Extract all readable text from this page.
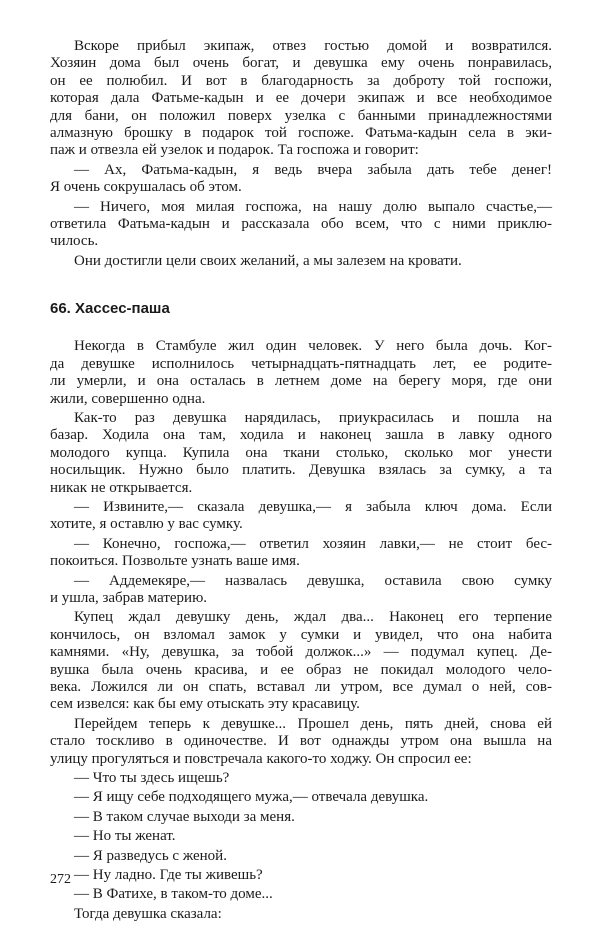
Вскоре прибыл экипаж, отвез гостью домой и возвратился.
Хозяин дома был очень богат, и девушка ему очень понравилась,
он ее полюбил. И вот в благодарность за доброту той госпожи,
которая дала Фатьме-кадын и ее дочери экипаж и все необходимое
для бани, он положил поверх узелка с банными принадлежностями
алмазную брошку в подарок той госпоже. Фатьма-кадын села в эки-
паж и отвезла ей узелок и подарок. Та госпожа и говорит:
— Ах, Фатьма-кадын, я ведь вчера забыла дать тебе денег!
Я очень сокрушалась об этом.
— Ничего, моя милая госпожа, на нашу долю выпало счастье,—
ответила Фатьма-кадын и рассказала обо всем, что с ними приклю-
чилось.
Они достигли цели своих желаний, а мы залезем на кровати.
66. Хассес-паша
Некогда в Стамбуле жил один человек. У него была дочь. Ког-
да девушке исполнилось четырнадцать-пятнадцать лет, ее родите-
ли умерли, и она осталась в летнем доме на берегу моря, где они
жили, совершенно одна.
Как-то раз девушка нарядилась, приукрасилась и пошла на
базар. Ходила она там, ходила и наконец зашла в лавку одного
молодого купца. Купила она ткани столько, сколько мог унести
носильщик. Нужно было платить. Девушка взялась за сумку, а та
никак не открывается.
— Извините,— сказала девушка,— я забыла ключ дома. Если
хотите, я оставлю у вас сумку.
— Конечно, госпожа,— ответил хозяин лавки,— не стоит бес-
покоиться. Позвольте узнать ваше имя.
— Аддемекяре,— назвалась девушка, оставила свою сумку
и ушла, забрав материю.
Купец ждал девушку день, ждал два... Наконец его терпение
кончилось, он взломал замок у сумки и увидел, что она набита
камнями. «Ну, девушка, за тобой должок...» — подумал купец. Де-
вушка была очень красива, и ее образ не покидал молодого чело-
века. Ложился ли он спать, вставал ли утром, все думал о ней, сов-
сем извелся: как бы ему отыскать эту красавицу.
Перейдем теперь к девушке... Прошел день, пять дней, снова ей
стало тоскливо в одиночестве. И вот однажды утром она вышла на
улицу прогуляться и повстречала какого-то ходжу. Он спросил ее:
— Что ты здесь ищешь?
— Я ищу себе подходящего мужа,— отвечала девушка.
— В таком случае выходи за меня.
— Но ты женат.
— Я разведусь с женой.
— Ну ладно. Где ты живешь?
— В Фатихе, в таком-то доме...
Тогда девушка сказала:
272
